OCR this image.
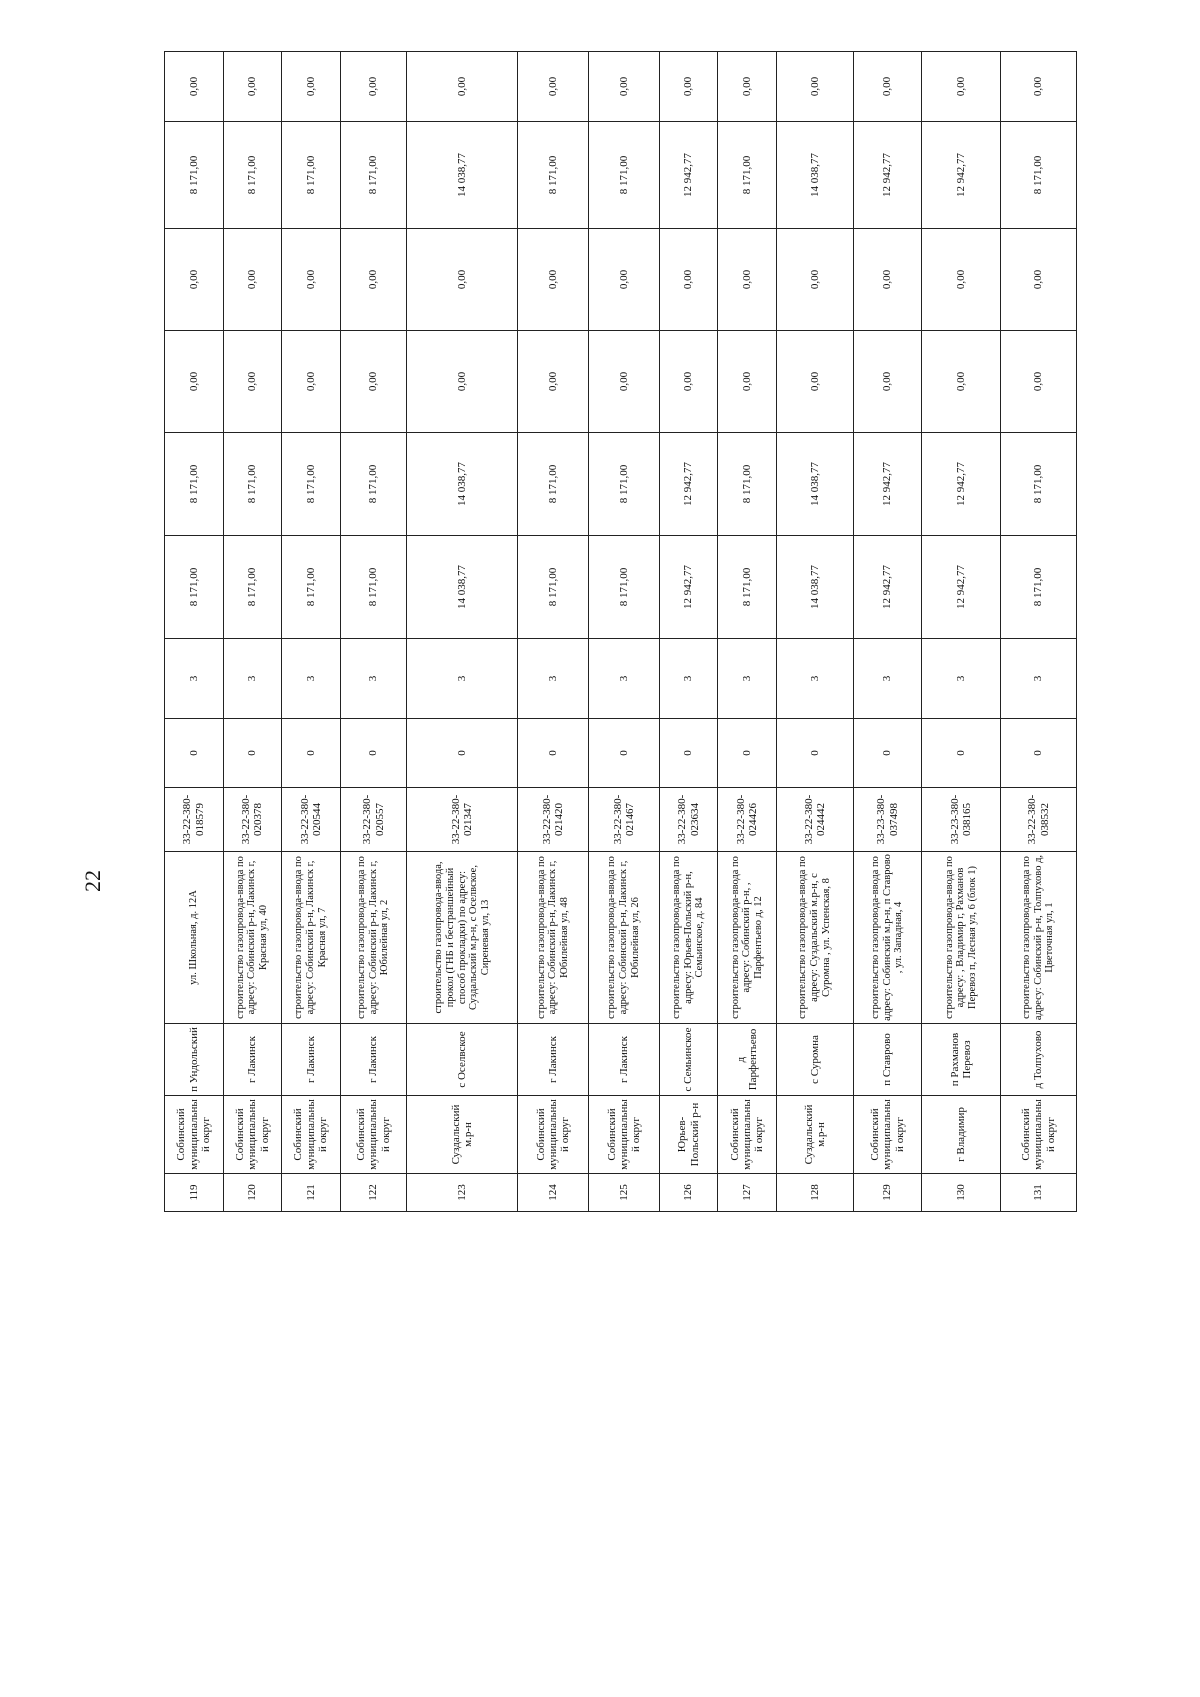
22
119	Собинский муниципальный округ	п Ундольский	ул. Школьная, д. 12А	33-22-380-018579	0	3	8 171,00	8 171,00	0,00	0,00	8 171,00	0,00
120	Собинский муниципальный округ	г Лакинск	строительство газопровода-ввода по адресу: Собинский р-н, Лакинск г, Красная ул, 40	33-22-380-020378	0	3	8 171,00	8 171,00	0,00	0,00	8 171,00	0,00
121	Собинский муниципальный округ	г Лакинск	строительство газопровода-ввода по адресу: Собинский р-н, Лакинск г, Красная ул, 7	33-22-380-020544	0	3	8 171,00	8 171,00	0,00	0,00	8 171,00	0,00
122	Собинский муниципальный округ	г Лакинск	строительство газопровода-ввода по адресу: Собинский р-н, Лакинск г, Юбилейная ул, 2	33-22-380-020557	0	3	8 171,00	8 171,00	0,00	0,00	8 171,00	0,00
123	Суздальский м.р-н	с Оселвское	строительство газопровода-ввода, прокол (ГНБ и бестраншейный способ прокладки) по адресу: Суздальский м.р-н, с Оселвское, Сиреневая ул, 13	33-22-380-021347	0	3	14 038,77	14 038,77	0,00	0,00	14 038,77	0,00
124	Собинский муниципальный округ	г Лакинск	строительство газопровода-ввода по адресу: Собинский р-н, Лакинск г, Юбилейная ул, 48	33-22-380-021420	0	3	8 171,00	8 171,00	0,00	0,00	8 171,00	0,00
125	Собинский муниципальный округ	г Лакинск	строительство газопровода-ввода по адресу: Собинский р-н, Лакинск г, Юбилейная ул, 26	33-22-380-021467	0	3	8 171,00	8 171,00	0,00	0,00	8 171,00	0,00
126	Юрьев-Польский р-н	с Семьинское	строительство газопровода-ввода по адресу: Юрьев-Польский р-н, Семьинское, д. 84	33-22-380-023634	0	3	12 942,77	12 942,77	0,00	0,00	12 942,77	0,00
127	Собинский муниципальный округ	д Парфентьево	строительство газопровода-ввода по адресу: Собинский р-н, , Парфентьево д, 12	33-22-380-024426	0	3	8 171,00	8 171,00	0,00	0,00	8 171,00	0,00
128	Суздальский м.р-н	с Суромна	строительство газопровода-ввода по адресу: Суздальский м.р-н, с Суромна , ул. Успенская, 8	33-22-380-024442	0	3	14 038,77	14 038,77	0,00	0,00	14 038,77	0,00
129	Собинский муниципальный округ	п Ставрово	строительство газопровода-ввода по адресу: Собинский м.р-н, п Ставрово , ул. Западная, 4	33-23-380-037498	0	3	12 942,77	12 942,77	0,00	0,00	12 942,77	0,00
130	г Владимир	п Рахманов Перевоз	строительство газопровода-ввода по адресу: , Владимир г, Рахманов Перевоз п, Лесная ул, 6 (блок 1)	33-23-380-038165	0	3	12 942,77	12 942,77	0,00	0,00	12 942,77	0,00
131	Собинский муниципальный округ	д Толпухово	строительство газопровода-ввода по адресу: Собинский р-н, Толпухово д, Цветочная ул, 1	33-22-380-038532	0	3	8 171,00	8 171,00	0,00	0,00	8 171,00	0,00
